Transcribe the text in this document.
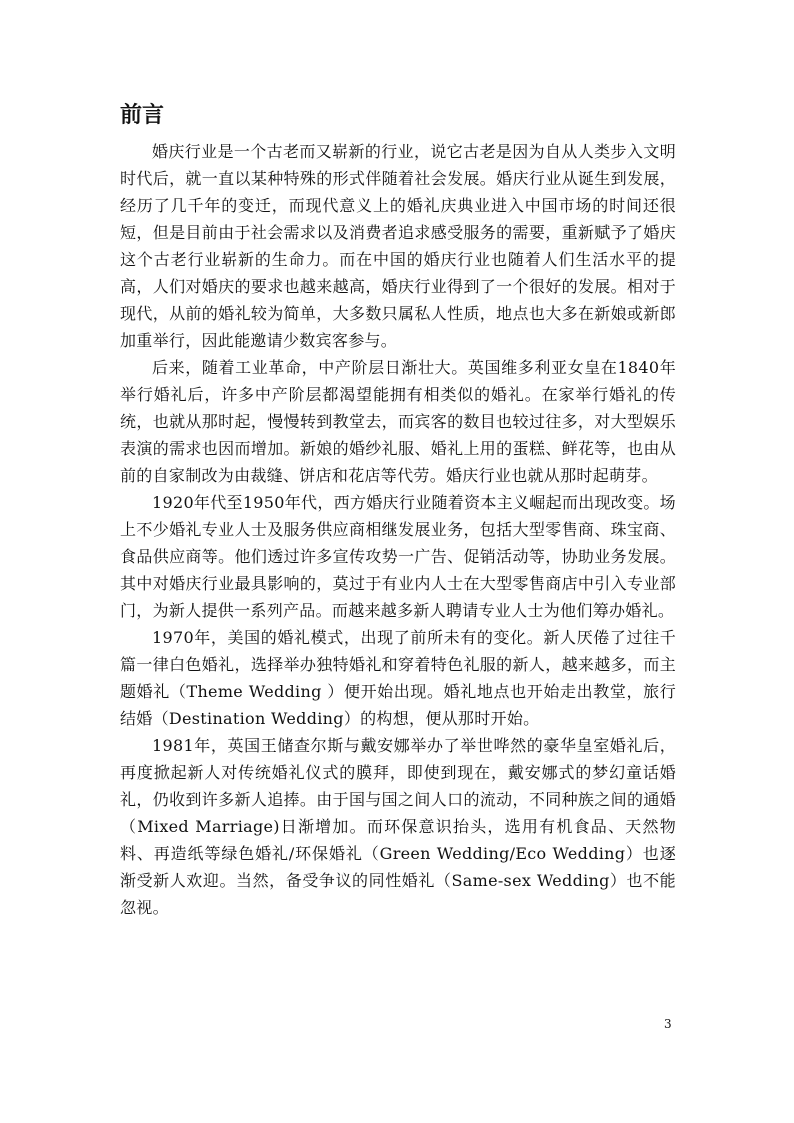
前言

婚庆行业是一个古老而又崭新的行业，说它古老是因为自从人类步入文明时代后，就一直以某种特殊的形式伴随着社会发展。婚庆行业从诞生到发展，经历了几千年的变迁，而现代意义上的婚礼庆典业进入中国市场的时间还很短，但是目前由于社会需求以及消费者追求感受服务的需要，重新赋予了婚庆这个古老行业崭新的生命力。而在中国的婚庆行业也随着人们生活水平的提高，人们对婚庆的要求也越来越高，婚庆行业得到了一个很好的发展。相对于现代，从前的婚礼较为简单，大多数只属私人性质，地点也大多在新娘或新郎加重举行，因此能邀请少数宾客参与。

后来，随着工业革命，中产阶层日渐壮大。英国维多利亚女皇在1840年举行婚礼后，许多中产阶层都渴望能拥有相类似的婚礼。在家举行婚礼的传统，也就从那时起，慢慢转到教堂去，而宾客的数目也较过往多，对大型娱乐表演的需求也因而增加。新娘的婚纱礼服、婚礼上用的蛋糕、鲜花等，也由从前的自家制改为由裁缝、饼店和花店等代劳。婚庆行业也就从那时起萌芽。

1920年代至1950年代，西方婚庆行业随着资本主义崛起而出现改变。场上不少婚礼专业人士及服务供应商相继发展业务，包括大型零售商、珠宝商、食品供应商等。他们透过许多宣传攻势一广告、促销活动等，协助业务发展。其中对婚庆行业最具影响的，莫过于有业内人士在大型零售商店中引入专业部门，为新人提供一系列产品。而越来越多新人聘请专业人士为他们筹办婚礼。

1970年，美国的婚礼模式，出现了前所未有的变化。新人厌倦了过往千篇一律白色婚礼，选择举办独特婚礼和穿着特色礼服的新人，越来越多，而主题婚礼（Theme Wedding ）便开始出现。婚礼地点也开始走出教堂，旅行结婚（Destination Wedding）的构想，便从那时开始。

1981年，英国王储查尔斯与戴安娜举办了举世哗然的豪华皇室婚礼后，再度掀起新人对传统婚礼仪式的膜拜，即使到现在，戴安娜式的梦幻童话婚礼，仍收到许多新人追捧。由于国与国之间人口的流动，不同种族之间的通婚（Mixed Marriage)日渐增加。而环保意识抬头，选用有机食品、天然物料、再造纸等绿色婚礼/环保婚礼（Green Wedding/Eco Wedding）也逐渐受新人欢迎。当然，备受争议的同性婚礼（Same-sex Wedding）也不能忽视。

3
